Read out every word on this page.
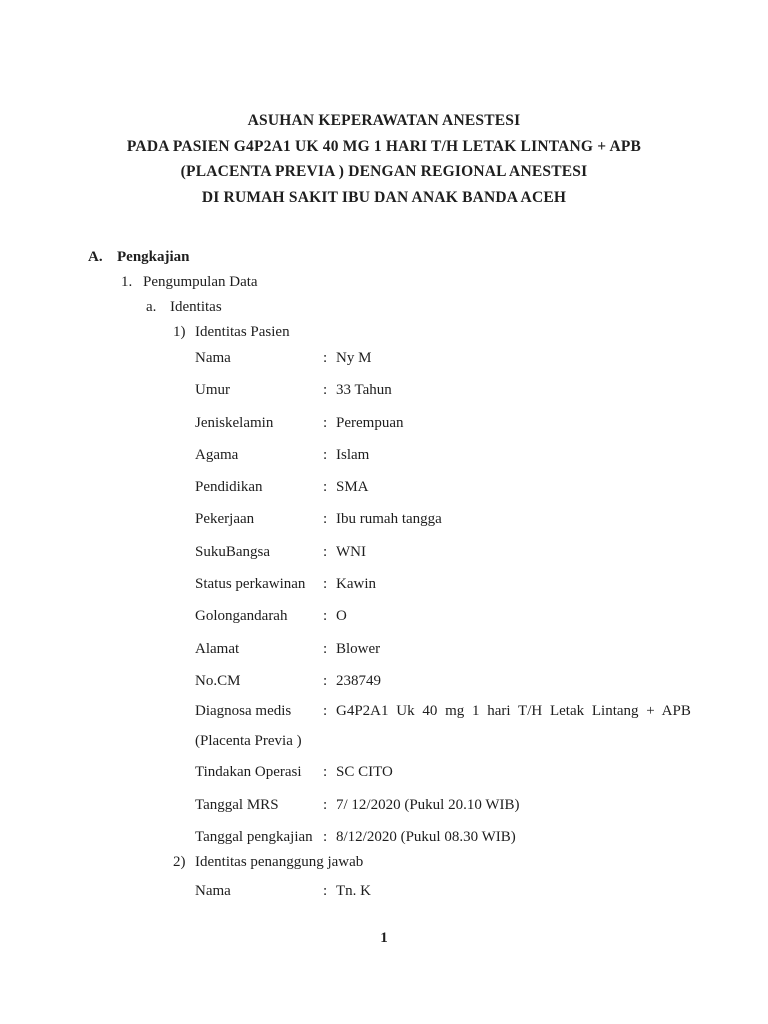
ASUHAN KEPERAWATAN ANESTESI
PADA PASIEN G4P2A1 UK 40 MG 1 HARI T/H LETAK LINTANG + APB
(PLACENTA PREVIA ) DENGAN REGIONAL ANESTESI
DI RUMAH SAKIT IBU DAN ANAK BANDA ACEH
A. Pengkajian
1. Pengumpulan Data
a. Identitas
1) Identitas Pasien
Nama	: Ny M
Umur	: 33 Tahun
Jeniskelamin	: Perempuan
Agama	: Islam
Pendidikan	: SMA
Pekerjaan	: Ibu rumah tangga
SukuBangsa	: WNI
Status perkawinan	: Kawin
Golongandarah	: O
Alamat	: Blower
No.CM	: 238749
Diagnosa medis	: G4P2A1 Uk 40 mg 1 hari T/H Letak Lintang + APB
(Placenta Previa )
Tindakan Operasi	: SC CITO
Tanggal MRS	: 7/ 12/2020 (Pukul 20.10 WIB)
Tanggal pengkajian : 8/12/2020 (Pukul 08.30 WIB)
2) Identitas penanggung jawab
Nama	: Tn. K
1
